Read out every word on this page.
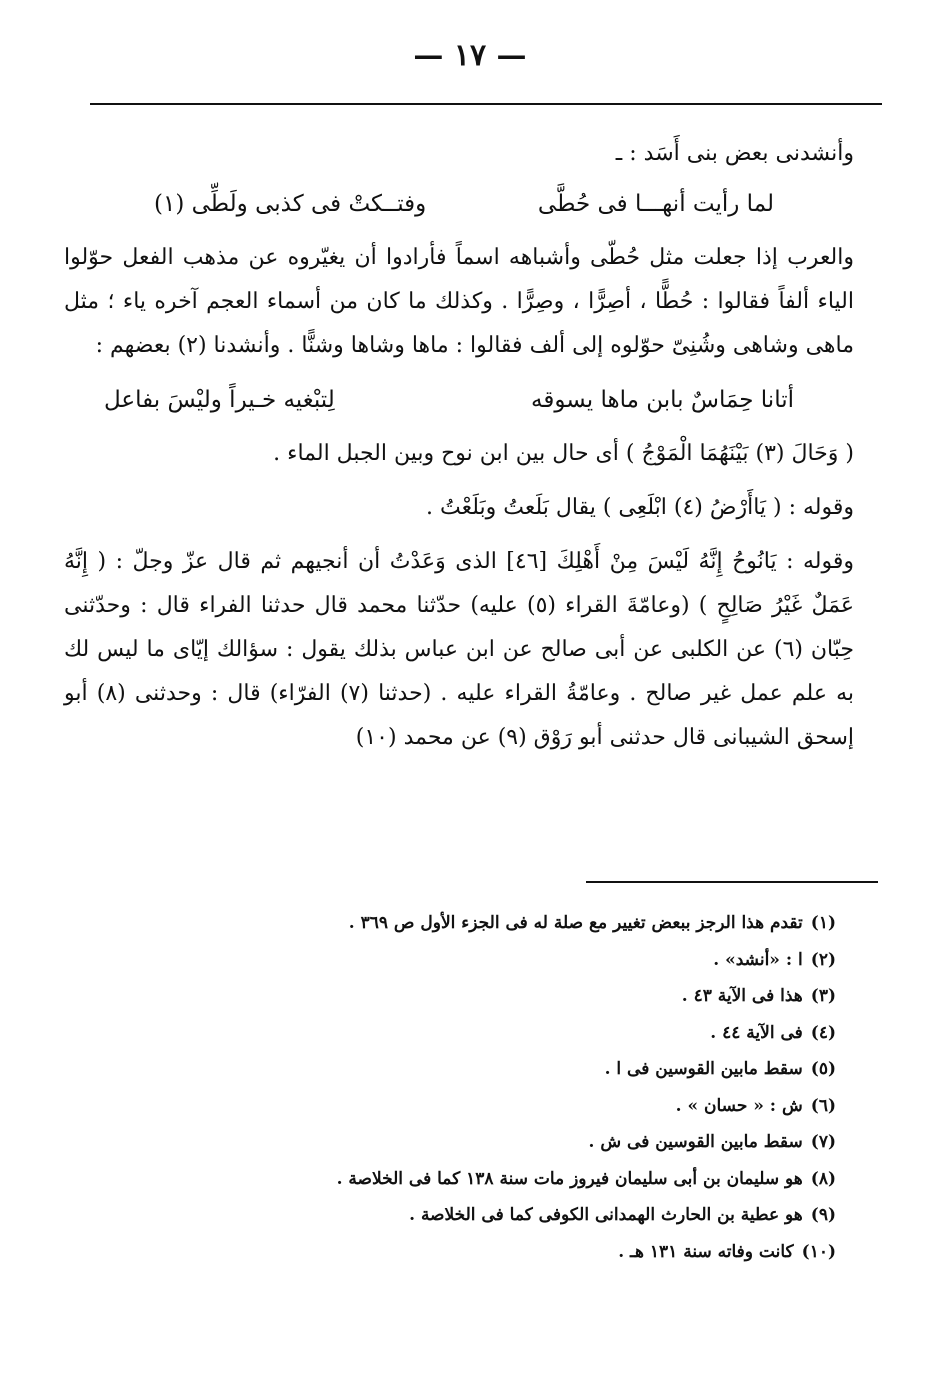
— ١٧ —

وأنشدنى بعض بنى أَسَد : ـ

لما رأيت أنهـــا فى حُطَّى
وفتــكتْ فى كذبى ولَطِّى (١)

والعرب إذا جعلت مثل حُطّى وأشباهه اسماً فأرادوا أن يغيّروه عن مذهب الفعل حوّلوا الياء ألفاً فقالوا : حُطًّا ، أصِرًّا ، وصِرًّا . وكذلك ما كان من أسماء العجم آخره ياء ؛ مثل ماهى وشاهى وشُنِىّ حوّلوه إلى ألف فقالوا : ماها وشاها وشنًّا . وأنشدنا (٢) بعضهم :

أتانا حِمَاسٌ بابن ماها يسوقه
لِتبْغيه خـيراً وليْسَ بفاعل

( وَحَالَ (٣) بَيْنَهُمَا الْمَوْجُ ) أى حال بين ابن نوح وبين الجبل الماء .

وقوله : ( يَاأَرْضُ (٤) ابْلَعِى ) يقال بَلَعتُ وبَلَعْتُ .

وقوله : يَانُوحُ إِنَّهُ لَيْسَ مِنْ أَهْلِكَ [٤٦] الذى وَعَدْتُ أن أنجيهم ثم قال عزّ وجلّ : ( إِنَّهُ عَمَلٌ غَيْرُ صَالِحٍ ) (وعامّةَ القراء (٥) عليه) حدّثنا محمد قال حدثنا الفراء قال : وحدّثنى حِبّان (٦) عن الكلبى عن أبى صالح عن ابن عباس بذلك يقول : سؤالك إيّاى ما ليس لك به علم عمل غير صالح . وعامّةُ القراء عليه . (حدثنا (٧) الفرّاء) قال : وحدثنى (٨) أبو إسحق الشيبانى قال حدثنى أبو رَوْق (٩) عن محمد (١٠)

(١)
تقدم هذا الرجز ببعض تغيير مع صلة له فى الجزء الأول ص ٣٦٩ .
(٢)
ا : «أنشد» .
(٣)
هذا فى الآية ٤٣ .
(٤)
فى الآية ٤٤ .
(٥)
سقط مابين القوسين فى ا .
(٦)
ش : « حسان » .
(٧)
سقط مابين القوسين فى ش .
(٨)
هو سليمان بن أبى سليمان فيروز مات سنة ١٣٨ كما فى الخلاصة .
(٩)
هو عطية بن الحارث الهمدانى الكوفى كما فى الخلاصة .
(١٠)
كانت وفاته سنة ١٣١ هـ .
